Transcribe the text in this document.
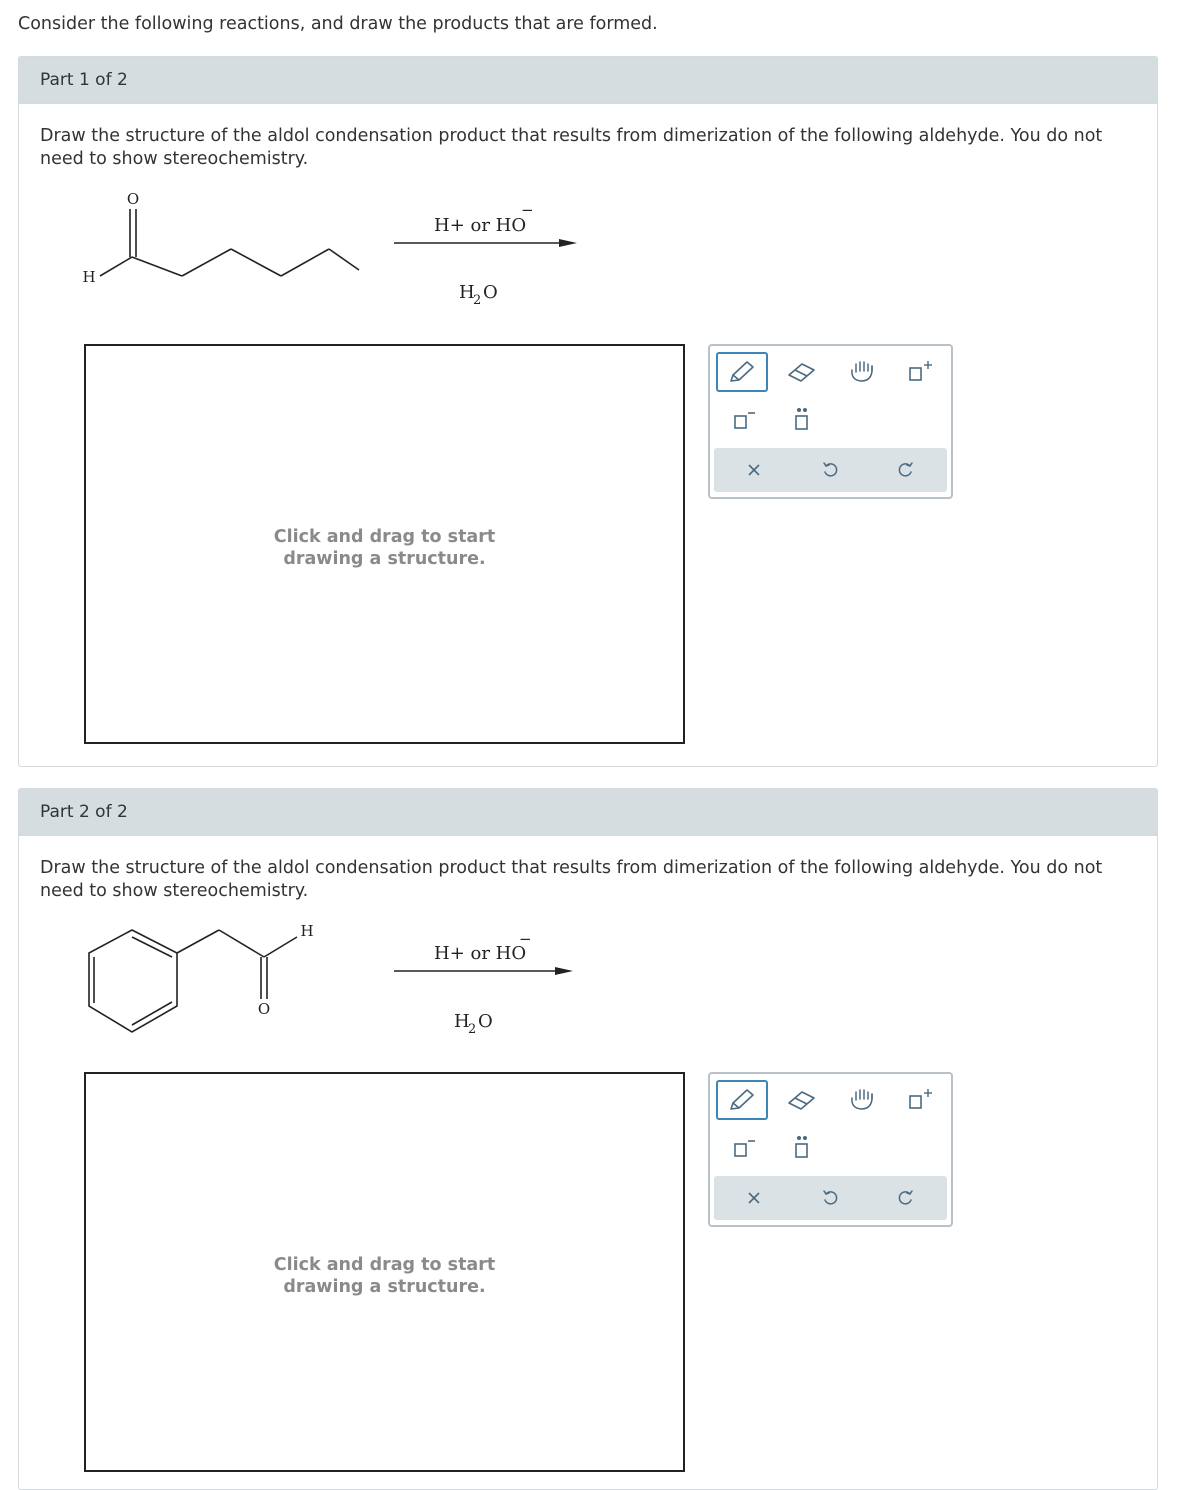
Consider the following reactions, and draw the products that are formed.
Part 1 of 2
Draw the structure of the aldol condensation product that results from dimerization of the following aldehyde. You do not need to show stereochemistry.
O
H
H+ or HO
−
H
2 O
Click and drag to start
drawing a structure.
Part 2 of 2
Draw the structure of the aldol condensation product that results from dimerization of the following aldehyde. You do not need to show stereochemistry.
O
H
H+ or HO
−
H
2 O
Click and drag to start
drawing a structure.
